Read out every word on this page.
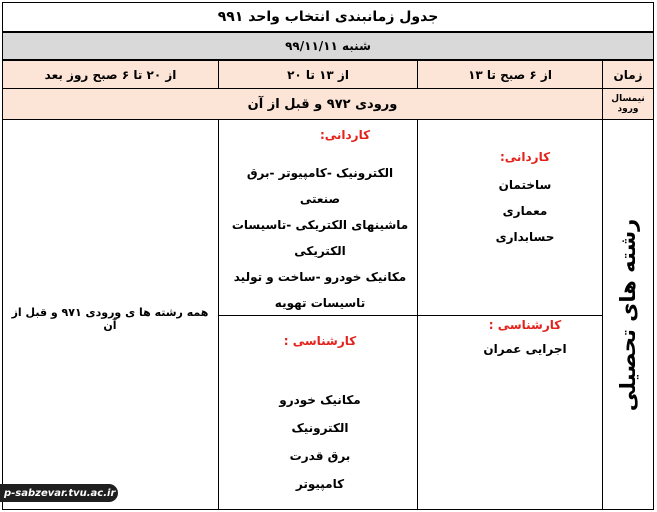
جدول زمانبندی انتخاب واحد ۹۹۱
شنبه ۹۹/۱۱/۱۱
زمان
از ۶ صبح تا ۱۳
از ۱۳ تا ۲۰
از ۲۰ تا ۶ صبح روز بعد
نیمسال ورود
ورودی ۹۷۲ و قبل از آن
رشته های تحصیلی
کاردانی:
ساختمان
معماری
حسابداری
کارشناسی :
اجرایی عمران
کاردانی:
الکترونیک -کامپیوتر -برق صنعتی
ماشینهای الکتریکی -تاسیسات
الکتریکی
مکانیک خودرو -ساخت و تولید
تاسیسات تهویه
کارشناسی :
مکانیک خودرو
الکترونیک
برق قدرت
کامپیوتر
همه رشته ها ی ورودی ۹۷۱ و قبل از آن
p-sabzevar.tvu.ac.ir
